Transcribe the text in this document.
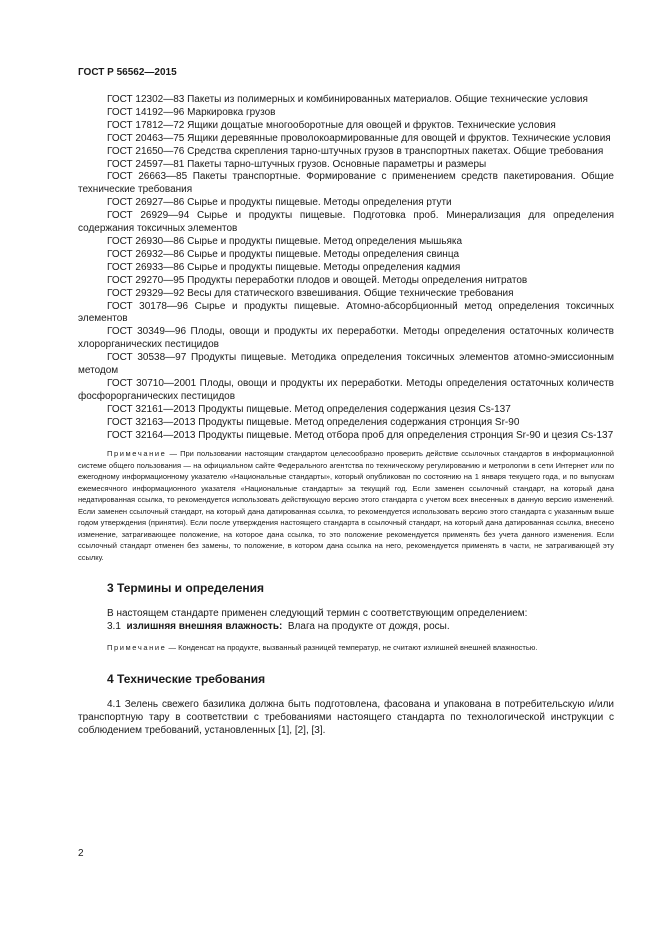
ГОСТ Р 56562—2015

ГОСТ 12302—83 Пакеты из полимерных и комбинированных материалов. Общие технические условия

ГОСТ 14192—96 Маркировка грузов

ГОСТ 17812—72 Ящики дощатые многооборотные для овощей и фруктов. Технические условия

ГОСТ 20463—75 Ящики деревянные проволокоармированные для овощей и фруктов. Технические условия

ГОСТ 21650—76 Средства скрепления тарно-штучных грузов в транспортных пакетах. Общие требования

ГОСТ 24597—81 Пакеты тарно-штучных грузов. Основные параметры и размеры

ГОСТ 26663—85 Пакеты транспортные. Формирование с применением средств пакетирования. Общие технические требования

ГОСТ 26927—86 Сырье и продукты пищевые. Методы определения ртути

ГОСТ 26929—94 Сырье и продукты пищевые. Подготовка проб. Минерализация для определения содержания токсичных элементов

ГОСТ 26930—86 Сырье и продукты пищевые. Метод определения мышьяка

ГОСТ 26932—86 Сырье и продукты пищевые. Методы определения свинца

ГОСТ 26933—86 Сырье и продукты пищевые. Методы определения кадмия

ГОСТ 29270—95 Продукты переработки плодов и овощей. Методы определения нитратов

ГОСТ 29329—92 Весы для статического взвешивания. Общие технические требования

ГОСТ 30178—96 Сырье и продукты пищевые. Атомно-абсорбционный метод определения токсичных элементов

ГОСТ 30349—96 Плоды, овощи и продукты их переработки. Методы определения остаточных количеств хлорорганических пестицидов

ГОСТ 30538—97 Продукты пищевые. Методика определения токсичных элементов атомно-эмиссионным методом

ГОСТ 30710—2001 Плоды, овощи и продукты их переработки. Методы определения остаточных количеств фосфорорганических пестицидов

ГОСТ 32161—2013 Продукты пищевые. Метод определения содержания цезия Cs-137

ГОСТ 32163—2013 Продукты пищевые. Метод определения содержания стронция Sr-90

ГОСТ 32164—2013 Продукты пищевые. Метод отбора проб для определения стронция Sr-90 и цезия Cs-137

Примечание — При пользовании настоящим стандартом целесообразно проверить действие ссылочных стандартов в информационной системе общего пользования — на официальном сайте Федерального агентства по техническому регулированию и метрологии в сети Интернет или по ежегодному информационному указателю «Национальные стандарты», который опубликован по состоянию на 1 января текущего года, и по выпускам ежемесячного информационного указателя «Национальные стандарты» за текущий год. Если заменен ссылочный стандарт, на который дана недатированная ссылка, то рекомендуется использовать действующую версию этого стандарта с учетом всех внесенных в данную версию изменений. Если заменен ссылочный стандарт, на который дана датированная ссылка, то рекомендуется использовать версию этого стандарта с указанным выше годом утверждения (принятия). Если после утверждения настоящего стандарта в ссылочный стандарт, на который дана датированная ссылка, внесено изменение, затрагивающее положение, на которое дана ссылка, то это положение рекомендуется применять без учета данного изменения. Если ссылочный стандарт отменен без замены, то положение, в котором дана ссылка на него, рекомендуется применять в части, не затрагивающей эту ссылку.

3 Термины и определения

В настоящем стандарте применен следующий термин с соответствующим определением:

3.1 излишняя внешняя влажность: Влага на продукте от дождя, росы.

Примечание — Конденсат на продукте, вызванный разницей температур, не считают излишней внешней влажностью.

4 Технические требования

4.1 Зелень свежего базилика должна быть подготовлена, фасована и упакована в потребительскую и/или транспортную тару в соответствии с требованиями настоящего стандарта по технологической инструкции с соблюдением требований, установленных [1], [2], [3].

2
